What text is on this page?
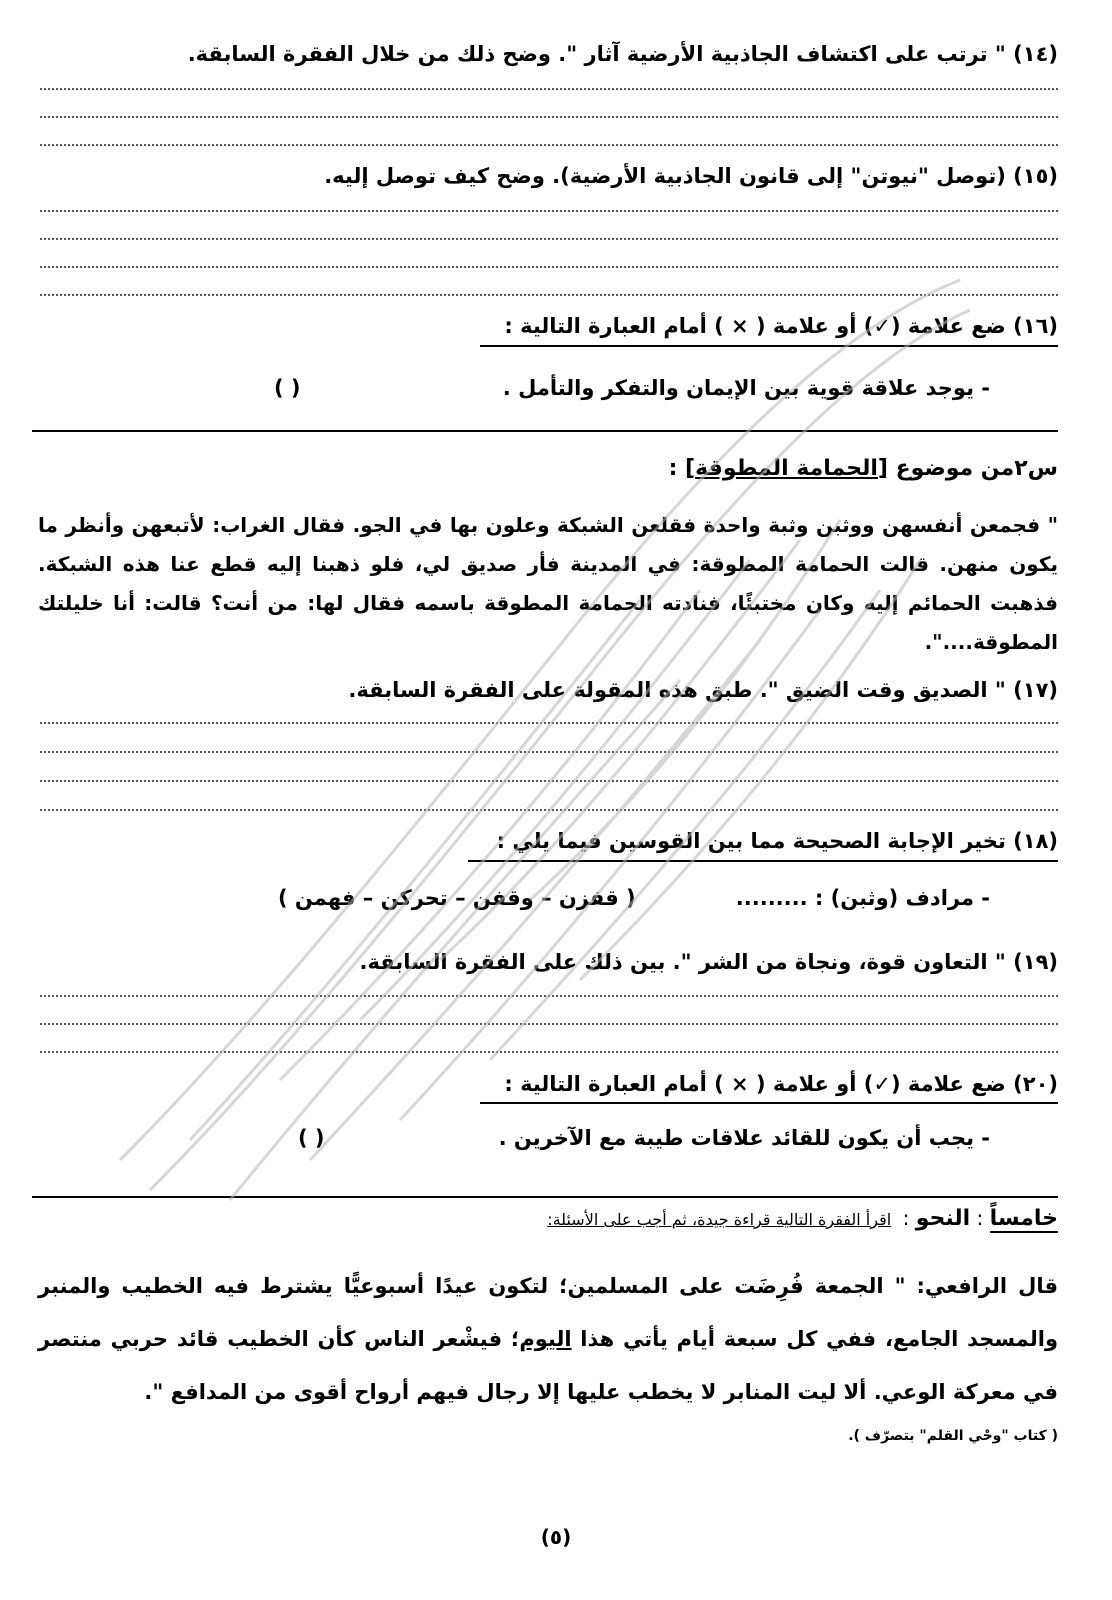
(١٤) " ترتب على اكتشاف الجاذبية الأرضية آثار ". وضح ذلك من خلال الفقرة السابقة.
(١٥) (توصل "نيوتن" إلى قانون الجاذبية الأرضية). وضح كيف توصل إليه.
(١٦) ضع علامة (✓) أو علامة ( × ) أمام العبارة التالية :
- يوجد علاقة قوية بين الإيمان والتفكر والتأمل .
( )
س٢من موضوع [الحمامة المطوقة] :
" فجمعن أنفسهن ووثبن وثبة واحدة فقلعن الشبكة وعلون بها في الجو. فقال الغراب: لأتبعهن وأنظر ما يكون منهن. قالت الحمامة المطوقة: في المدينة فأر صديق لي، فلو ذهبنا إليه قطع عنا هذه الشبكة. فذهبت الحمائم إليه وكان مختبئًا، فنادته الحمامة المطوقة باسمه فقال لها: من أنت؟ قالت: أنا خليلتك المطوقة....".
(١٧) " الصديق وقت الضيق ". طبق هذه المقولة على الفقرة السابقة.
(١٨) تخير الإجابة الصحيحة مما بين القوسين فيما يلي :
- مرادف (وثبن) : .........
( قفزن – وقفن – تحركن – فهمن )
(١٩) " التعاون قوة، ونجاة من الشر ". بين ذلك على الفقرة السابقة.
(٢٠) ضع علامة (✓) أو علامة ( × ) أمام العبارة التالية :
- يجب أن يكون للقائد علاقات طيبة مع الآخرين .
( )
خامساً : النحو :  اقرأ الفقرة التالية قراءة جيدة، ثم أجب على الأسئلة:
قال الرافعي: " الجمعة فُرِضَت على المسلمين؛ لتكون عيدًا أسبوعيًّا يشترط فيه الخطيب والمنبر والمسجد الجامع، ففي كل سبعة أيام يأتي هذا اليوم؛ فيشْعر الناس كأن الخطيب قائد حربي منتصر في معركة الوعي. ألا ليت المنابر لا يخطب عليها إلا رجال فيهم أرواح أقوى من المدافع ".
( كتاب "وحْي القلم" بتصرّف ).
(٥)
